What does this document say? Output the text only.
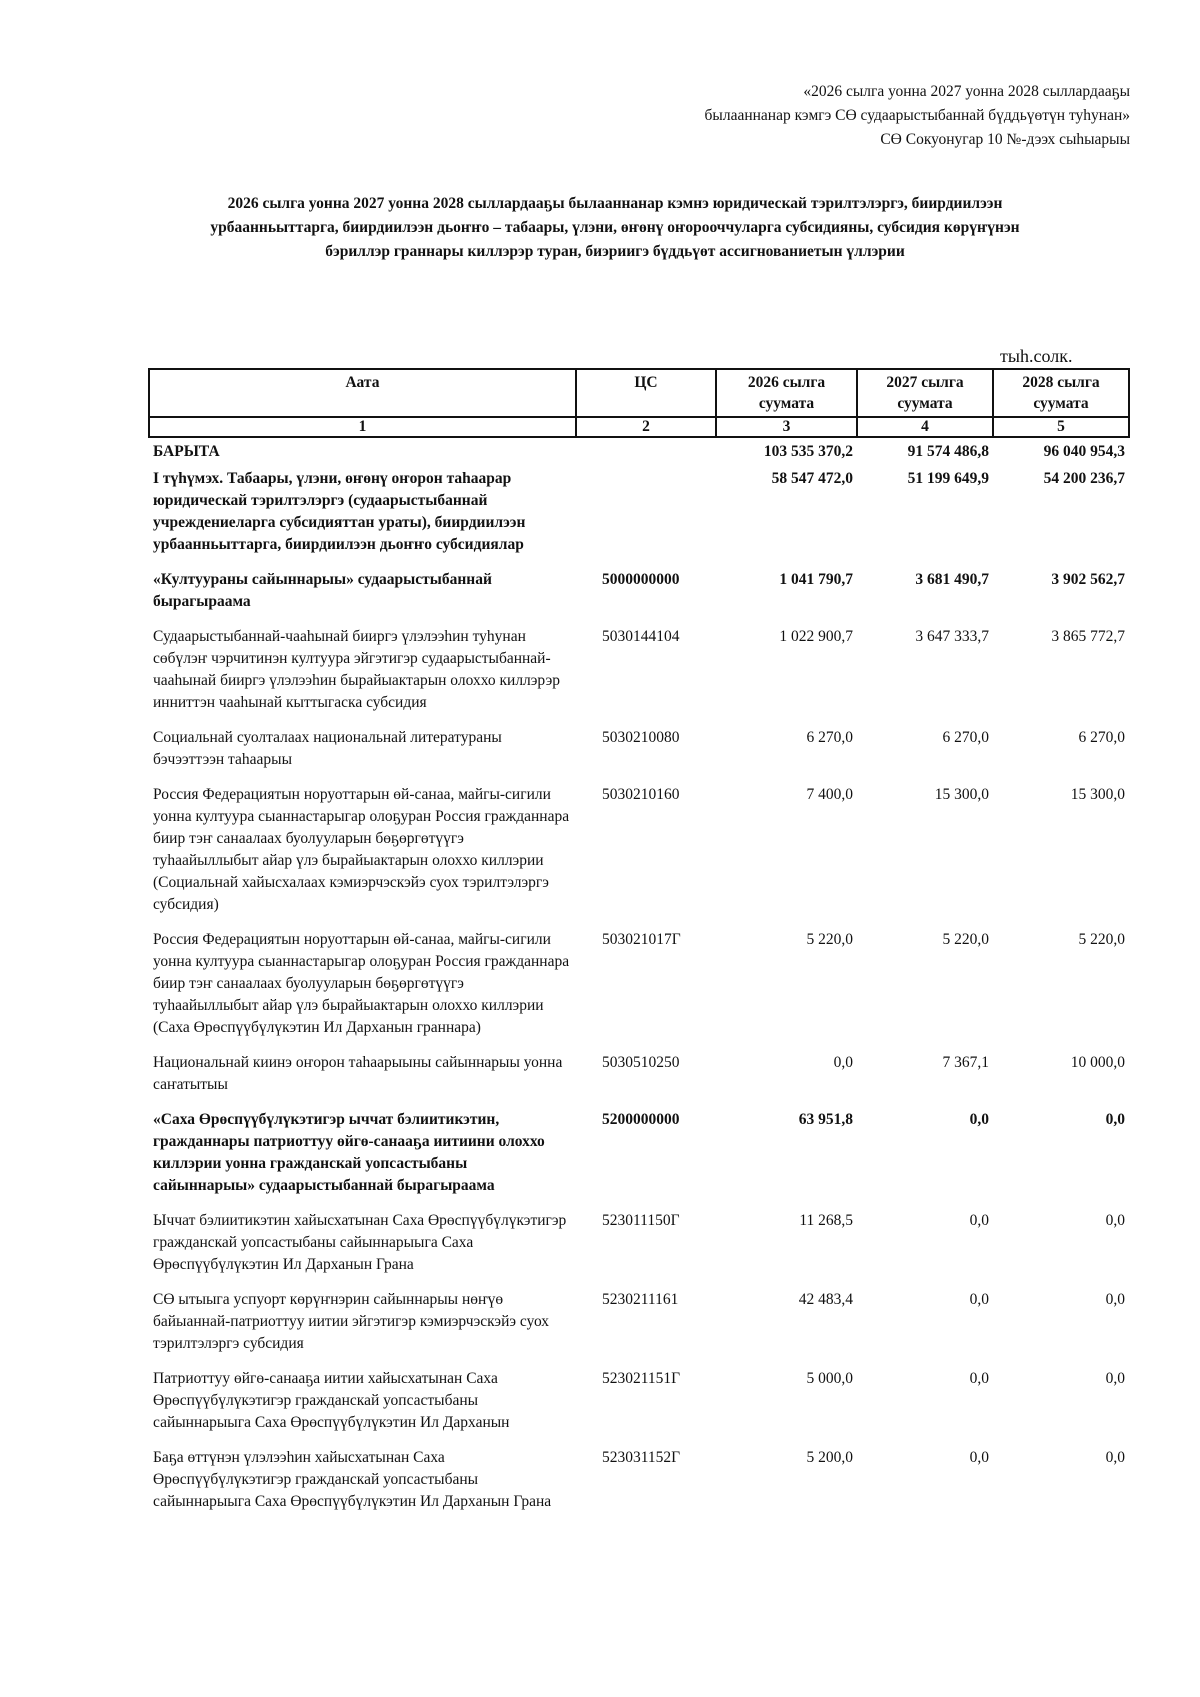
«2026 сылга уонна 2027 уонна 2028 сыллардааҕы
былааннанар кэмгэ СӨ судаарыстыбаннай бүддьүөтүн туһунан»
СӨ Сокуонугар 10 №-дээх сыһыарыы
2026 сылга уонна 2027 уонна 2028 сыллардааҕы былааннанар кэмнэ юридическай тэрилтэлэргэ, биирдиилээн
урбаанньыттарга, биирдиилээн дьоҥҥо – табаары, үлэни, өҥөнү оҥорооччуларга субсидияны, субсидия көрүҥүнэн
бэриллэр граннары киллэрэр туран, биэриигэ бүддьүөт ассигнованиетын үллэрии
тыһ.солк.
Аата	ЦС	2026 сылга суумата	2027 сылга суумата	2028 сылга суумата
1	2	3	4	5
БАРЫТА		103 535 370,2	91 574 486,8	96 040 954,3
I түһүмэх. Табаары, үлэни, өҥөнү оҥорон таһаарар юридическай тэрилтэлэргэ (судаарыстыбаннай учреждениеларга субсидияттан ураты), биирдиилээн урбаанньыттарга, биирдиилээн дьоҥҥо субсидиялар		58 547 472,0	51 199 649,9	54 200 236,7
«Култуураны сайыннарыы» судаарыстыбаннай бырагыраама	5000000000	1 041 790,7	3 681 490,7	3 902 562,7
Судаарыстыбаннай-чааһынай бииргэ үлэлээһин туһунан сөбүлэҥ чэрчитинэн култуура эйгэтигэр судаарыстыбаннай-чааһынай бииргэ үлэлээһин бырайыактарын олоххо киллэрэр инниттэн чааһынай кыттыгаска субсидия	5030144104	1 022 900,7	3 647 333,7	3 865 772,7
Социальнай суолталаах национальнай литератураны бэчээттээн таһаарыы	5030210080	6 270,0	6 270,0	6 270,0
Россия Федерациятын норуоттарын өй-санаа, майгы-сигили уонна култуура сыаннастарыгар олоҕуран Россия гражданнара биир тэҥ санаалаах буолууларын бөҕөргөтүүгэ туһаайыллыбыт айар үлэ бырайыактарын олоххо киллэрии (Социальнай хайысхалаах кэмиэрчэскэйэ суох тэрилтэлэргэ субсидия)	5030210160	7 400,0	15 300,0	15 300,0
Россия Федерациятын норуоттарын өй-санаа, майгы-сигили уонна култуура сыаннастарыгар олоҕуран Россия гражданнара биир тэҥ санаалаах буолууларын бөҕөргөтүүгэ туһаайыллыбыт айар үлэ бырайыактарын олоххо киллэрии (Саха Өрөспүүбүлүкэтин Ил Дарханын граннара)	503021017Г	5 220,0	5 220,0	5 220,0
Национальнай киинэ оҥорон таһаарыыны сайыннарыы уонна саҥатытыы	5030510250	0,0	7 367,1	10 000,0
«Саха Өрөспүүбүлүкэтигэр ыччат бэлиитикэтин, гражданнары патриоттуу өйгө-санааҕа иитиини олоххо киллэрии уонна гражданскай уопсастыбаны сайыннарыы» судаарыстыбаннай бырагыраама	5200000000	63 951,8	0,0	0,0
Ыччат бэлиитикэтин хайысхатынан Саха Өрөспүүбүлүкэтигэр гражданскай уопсастыбаны сайыннарыыга Саха Өрөспүүбүлүкэтин Ил Дарханын Грана	523011150Г	11 268,5	0,0	0,0
СӨ ытыыга успуорт көрүҥнэрин сайыннарыы нөҥүө байыаннай-патриоттуу иитии эйгэтигэр кэмиэрчэскэйэ суох тэрилтэлэргэ субсидия	5230211161	42 483,4	0,0	0,0
Патриоттуу өйгө-санааҕа иитии хайысхатынан Саха Өрөспүүбүлүкэтигэр гражданскай уопсастыбаны сайыннарыыга Саха Өрөспүүбүлүкэтин Ил Дарханын	523021151Г	5 000,0	0,0	0,0
Баҕа өттүнэн үлэлээһин хайысхатынан Саха Өрөспүүбүлүкэтигэр гражданскай уопсастыбаны сайыннарыыга Саха Өрөспүүбүлүкэтин Ил Дарханын Грана	523031152Г	5 200,0	0,0	0,0
